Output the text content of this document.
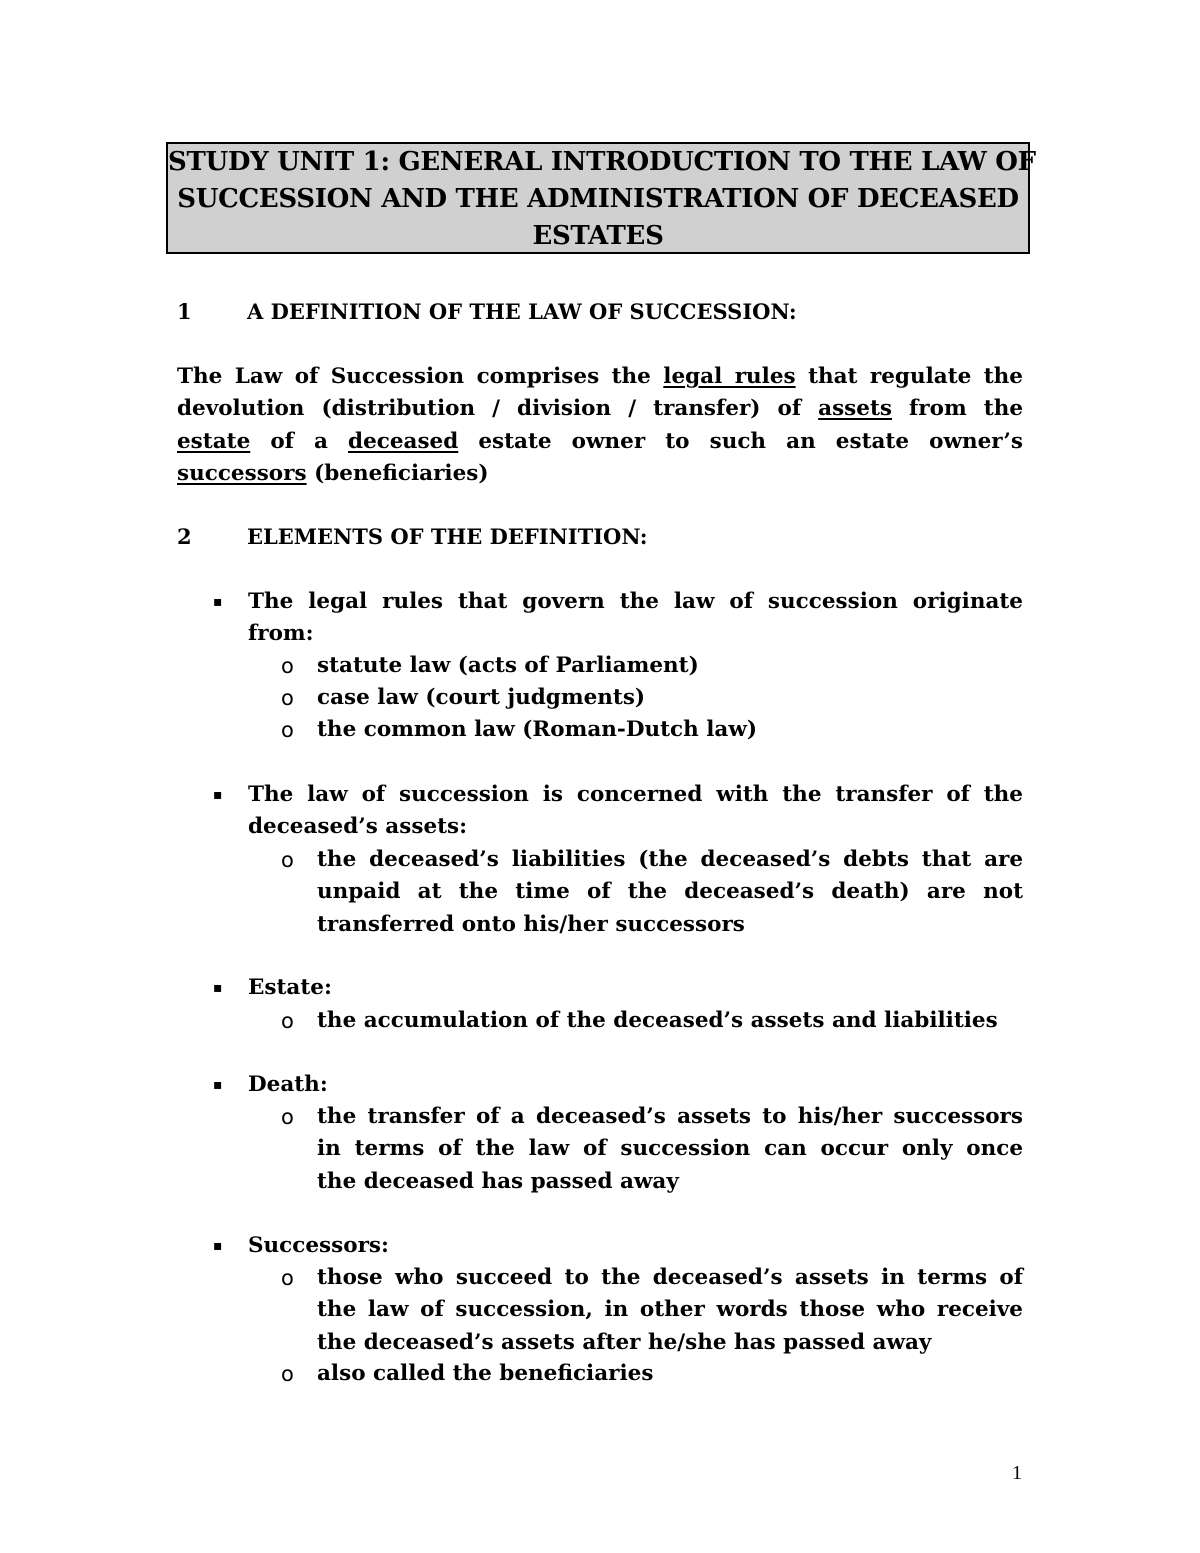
STUDY UNIT 1: GENERAL INTRODUCTION TO THE LAW OF
SUCCESSION AND THE ADMINISTRATION OF DECEASED
ESTATES
1	A DEFINITION OF THE LAW OF SUCCESSION:
The Law of Succession comprises the legal rules that regulate the
devolution (distribution / division / transfer) of assets from the
estate of a deceased estate owner to such an estate owner’s
successors (beneficiaries)
2	ELEMENTS OF THE DEFINITION:
▪ The legal rules that govern the law of succession originate
from:
o statute law (acts of Parliament)
o case law (court judgments)
o the common law (Roman-Dutch law)
▪ The law of succession is concerned with the transfer of the
deceased’s assets:
o the deceased’s liabilities (the deceased’s debts that are
unpaid at the time of the deceased’s death) are not
transferred onto his/her successors
▪ Estate:
o the accumulation of the deceased’s assets and liabilities
▪ Death:
o the transfer of a deceased’s assets to his/her successors
in terms of the law of succession can occur only once
the deceased has passed away
▪ Successors:
o those who succeed to the deceased’s assets in terms of
the law of succession, in other words those who receive
the deceased’s assets after he/she has passed away
o also called the beneficiaries
1
